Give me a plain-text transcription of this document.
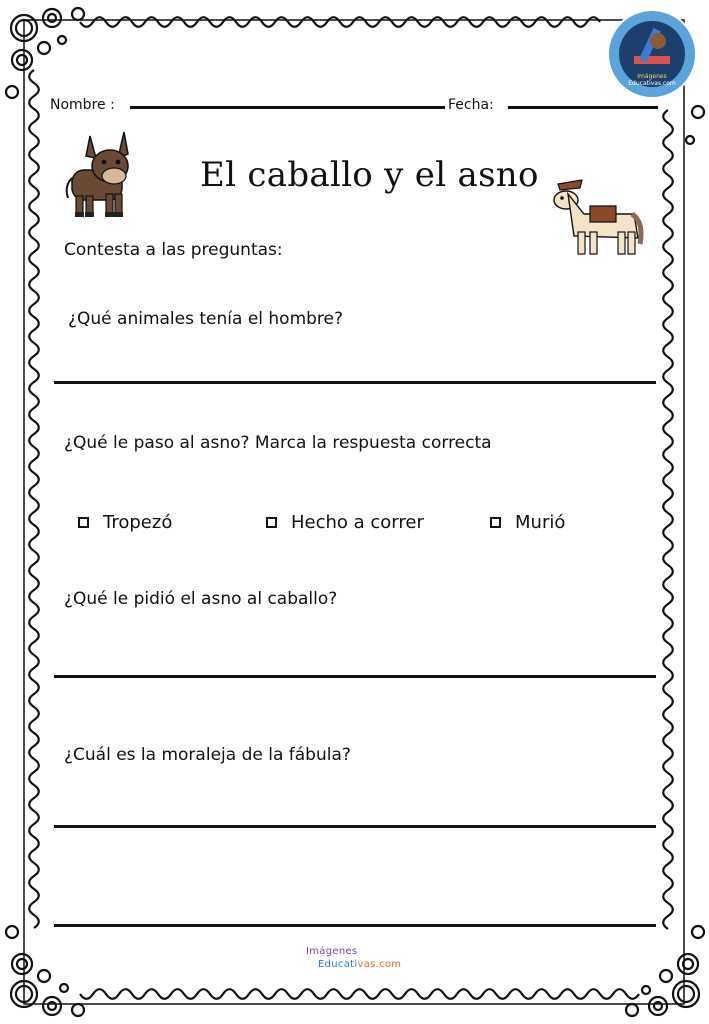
Imágenes
Educativas.com
Nombre :	Fecha:
El caballo y el asno
Contesta a las preguntas:
¿Qué animales tenía el hombre?
¿Qué le paso al asno? Marca la respuesta correcta
Tropezó	Hecho a correr	Murió
¿Qué le pidió el asno al caballo?
¿Cuál es la moraleja de la fábula?
Imágenes
Educativas.com
